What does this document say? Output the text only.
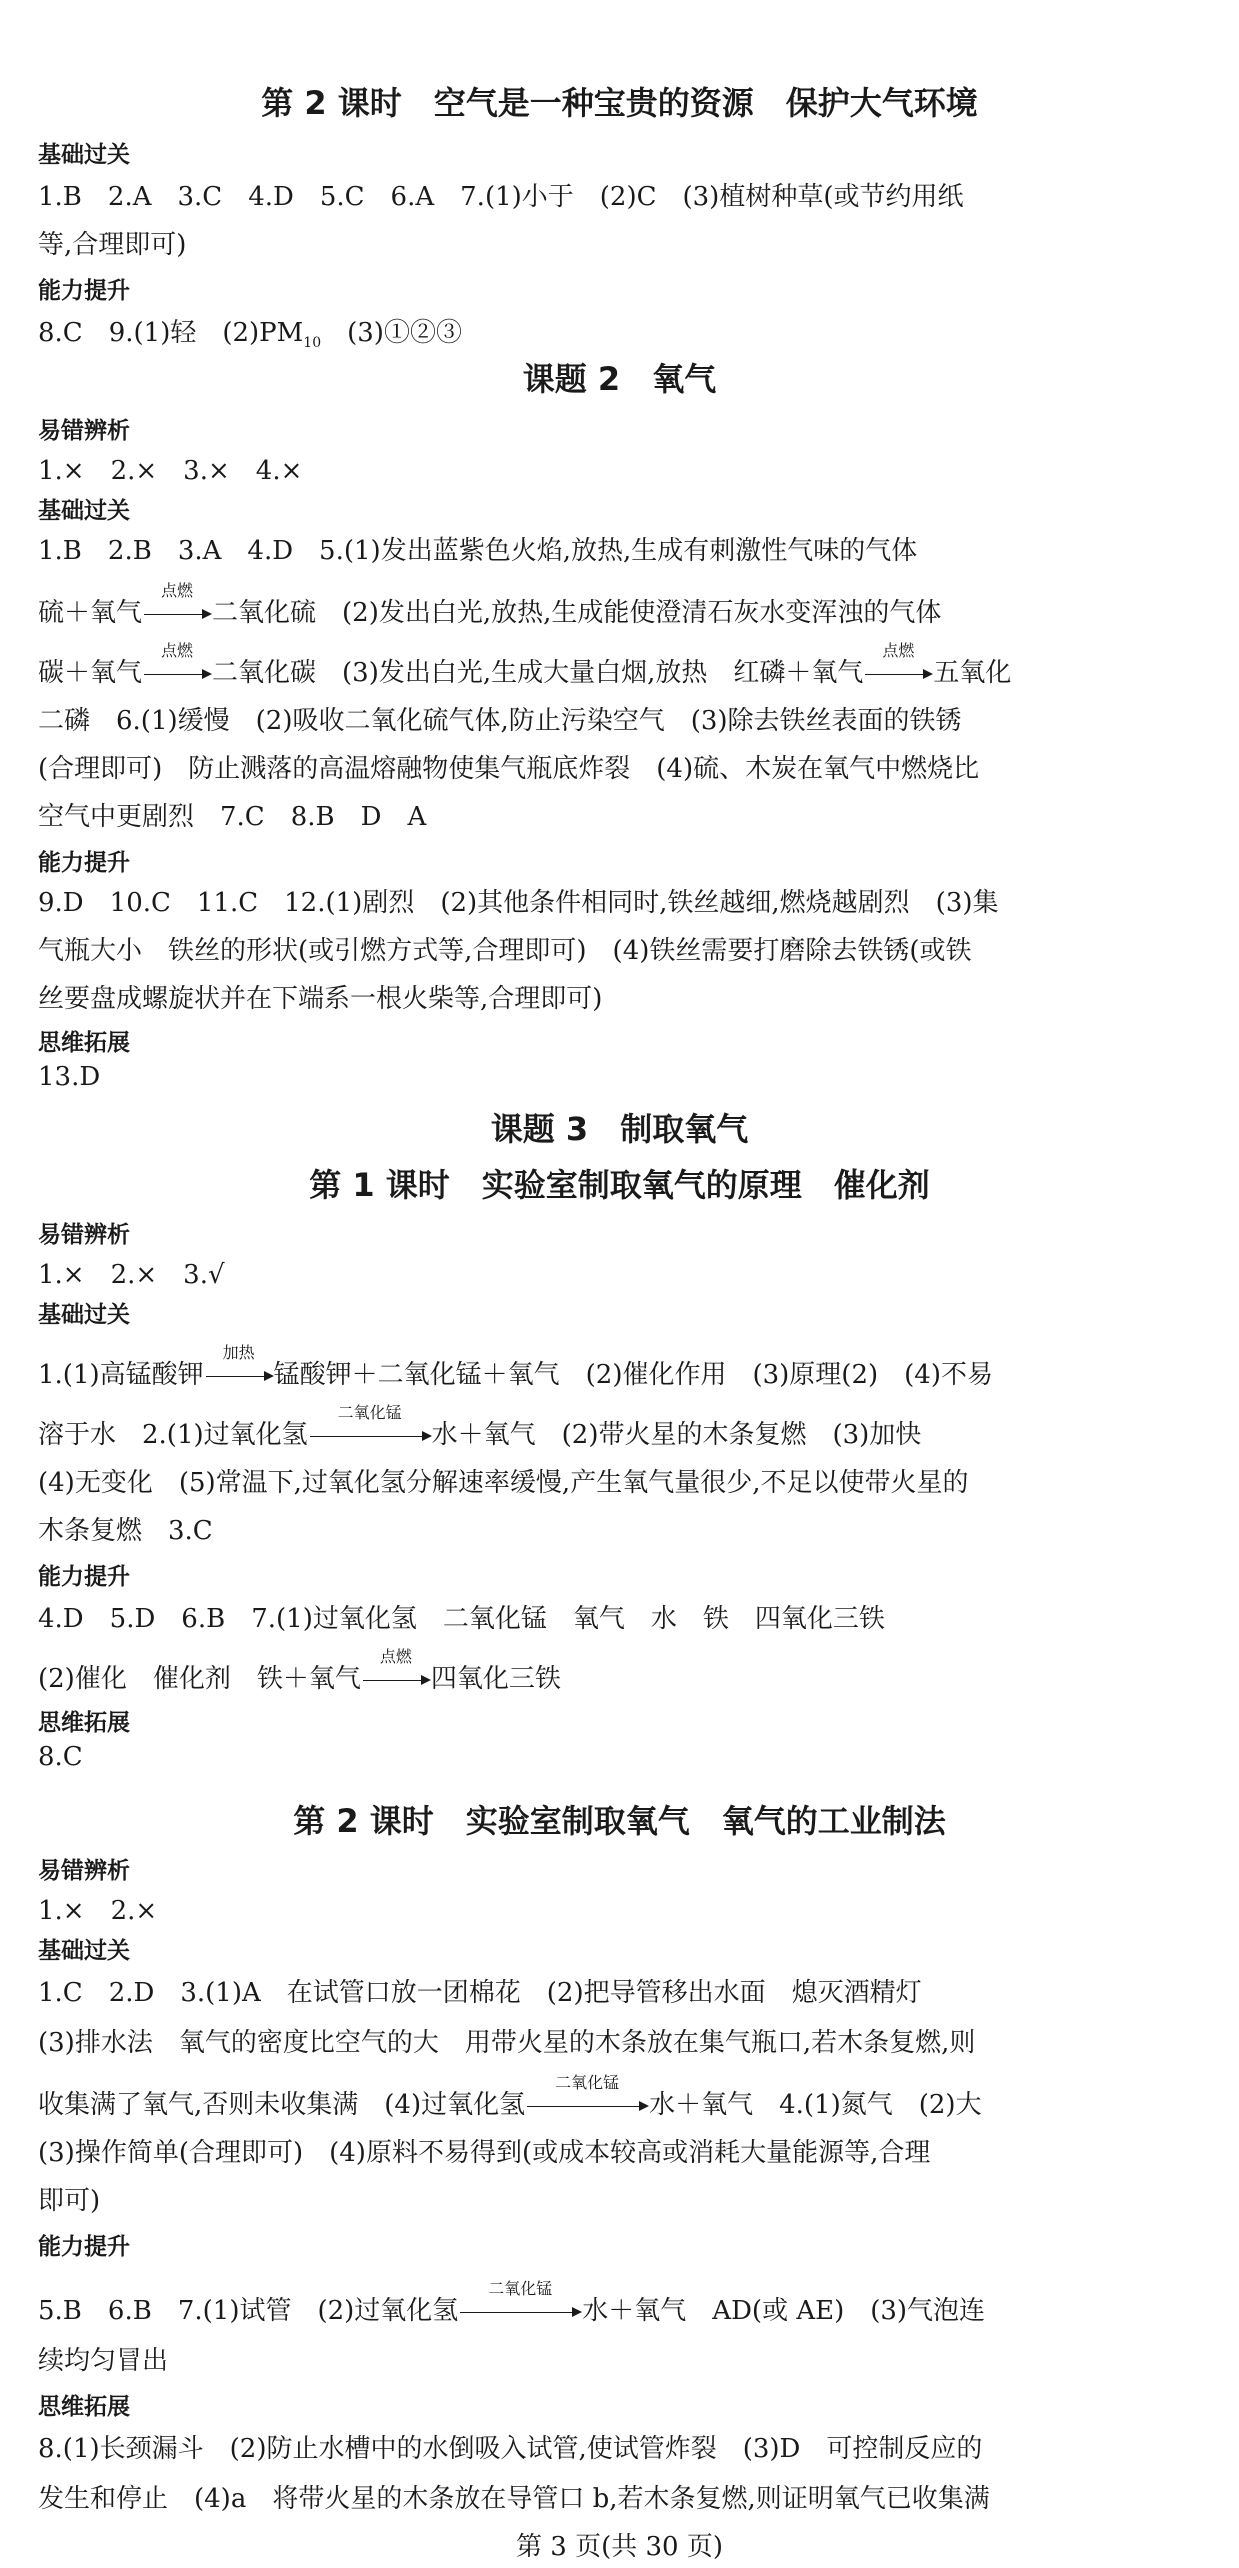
第 2 课时　空气是一种宝贵的资源　保护大气环境
基础过关
1.B　2.A　3.C　4.D　5.C　6.A　7.(1)小于　(2)C　(3)植树种草(或节约用纸
等,合理即可)
能力提升
8.C　9.(1)轻　$(2)PM_{10}$　(3)①②③
课题 2　氧气
易错辨析
1.×　2.×　3.×　4.×
基础过关
1.B　2.B　3.A　4.D　5.(1)发出蓝紫色火焰,放热,生成有刺激性气味的气体
硫＋氧气
点燃
二氧化硫　(2)发出白光,放热,生成能使澄清石灰水变浑浊的气体
碳＋氧气
点燃
二氧化碳　(3)发出白光,生成大量白烟,放热　红磷＋氧气
点燃
五氧化
二磷　6.(1)缓慢　(2)吸收二氧化硫气体,防止污染空气　(3)除去铁丝表面的铁锈
(合理即可)　防止溅落的高温熔融物使集气瓶底炸裂　(4)硫、木炭在氧气中燃烧比
空气中更剧烈　7.C　8.B　D　A
能力提升
9.D　10.C　11.C　12.(1)剧烈　(2)其他条件相同时,铁丝越细,燃烧越剧烈　(3)集
气瓶大小　铁丝的形状(或引燃方式等,合理即可)　(4)铁丝需要打磨除去铁锈(或铁
丝要盘成螺旋状并在下端系一根火柴等,合理即可)
思维拓展
13.D
课题 3　制取氧气
第 1 课时　实验室制取氧气的原理　催化剂
易错辨析
1.×　2.×　3.√
基础过关
1.(1)高锰酸钾
加热
锰酸钾＋二氧化锰＋氧气　(2)催化作用　(3)原理(2)　(4)不易
溶于水　2.(1)过氧化氢
二氧化锰
水＋氧气　(2)带火星的木条复燃　(3)加快
(4)无变化　(5)常温下,过氧化氢分解速率缓慢,产生氧气量很少,不足以使带火星的
木条复燃　3.C
能力提升
4.D　5.D　6.B　7.(1)过氧化氢　二氧化锰　氧气　水　铁　四氧化三铁
(2)催化　催化剂　铁＋氧气
点燃
四氧化三铁
思维拓展
8.C
第 2 课时　实验室制取氧气　氧气的工业制法
易错辨析
1.×　2.×
基础过关
1.C　2.D　3.(1)A　在试管口放一团棉花　(2)把导管移出水面　熄灭酒精灯
(3)排水法　氧气的密度比空气的大　用带火星的木条放在集气瓶口,若木条复燃,则
收集满了氧气,否则未收集满　(4)过氧化氢
二氧化锰
水＋氧气　4.(1)氮气　(2)大
(3)操作简单(合理即可)　(4)原料不易得到(或成本较高或消耗大量能源等,合理
即可)
能力提升
5.B　6.B　7.(1)试管　(2)过氧化氢
二氧化锰
水＋氧气　AD(或 AE)　(3)气泡连
续均匀冒出
思维拓展
8.(1)长颈漏斗　(2)防止水槽中的水倒吸入试管,使试管炸裂　(3)D　可控制反应的
发生和停止　(4)a　将带火星的木条放在导管口 b,若木条复燃,则证明氧气已收集满
第 3 页(共 30 页)
